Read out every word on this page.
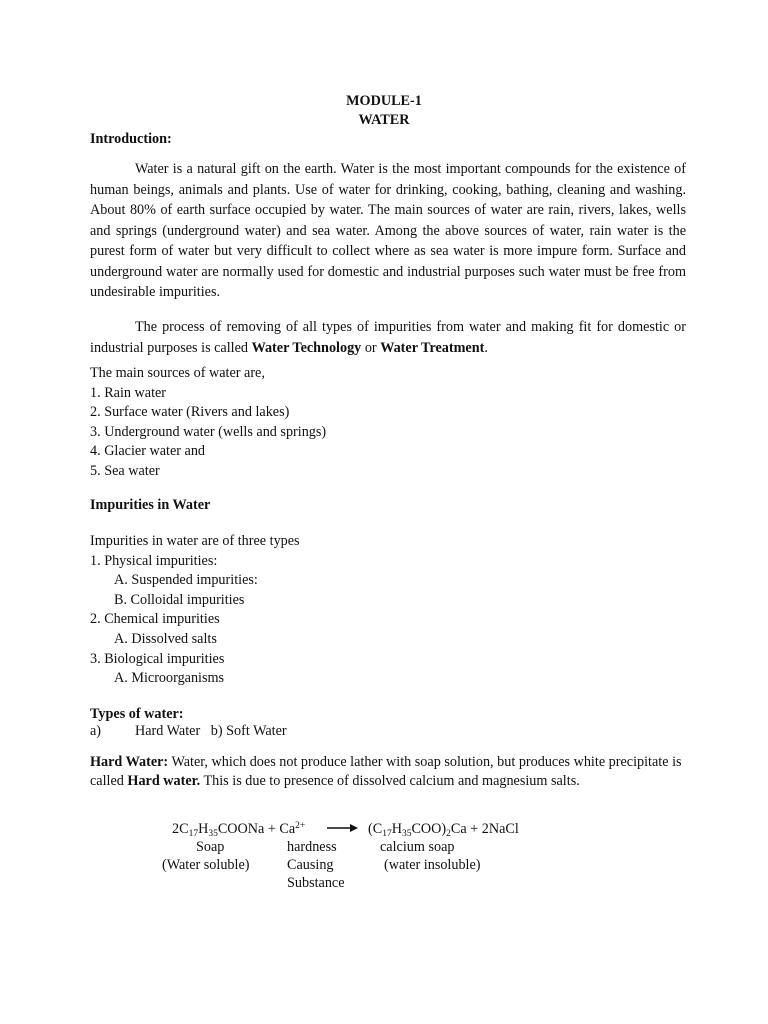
MODULE-1
WATER
Introduction:
Water is a natural gift on the earth. Water is the most important compounds for the existence of human beings, animals and plants. Use of water for drinking, cooking, bathing, cleaning and washing. About 80% of earth surface occupied by water. The main sources of water are rain, rivers, lakes, wells and springs (underground water) and sea water. Among the above sources of water, rain water is the purest form of water but very difficult to collect where as sea water is more impure form. Surface and underground water are normally used for domestic and industrial purposes such water must be free from undesirable impurities.
The process of removing of all types of impurities from water and making fit for domestic or industrial purposes is called Water Technology or Water Treatment.
The main sources of water are,
1. Rain water
2. Surface water (Rivers and lakes)
3. Underground water (wells and springs)
4. Glacier water and
5. Sea water
Impurities in Water
Impurities in water are of three types
1. Physical impurities:
A. Suspended impurities:
B. Colloidal impurities
2. Chemical impurities
A. Dissolved salts
3. Biological impurities
A. Microorganisms
Types of water:
a) Hard Water   b) Soft Water
Hard Water: Water, which does not produce lather with soap solution, but produces white precipitate is called Hard water. This is due to presence of dissolved calcium and magnesium salts.
$2C_{17}H_{35}COONa + Ca^{2+} \to (C_{17}H_{35}COO)_2Ca$ + 2NaCl
Soap
(Water soluble)
hardness
Causing
Substance
calcium soap
(water insoluble)
